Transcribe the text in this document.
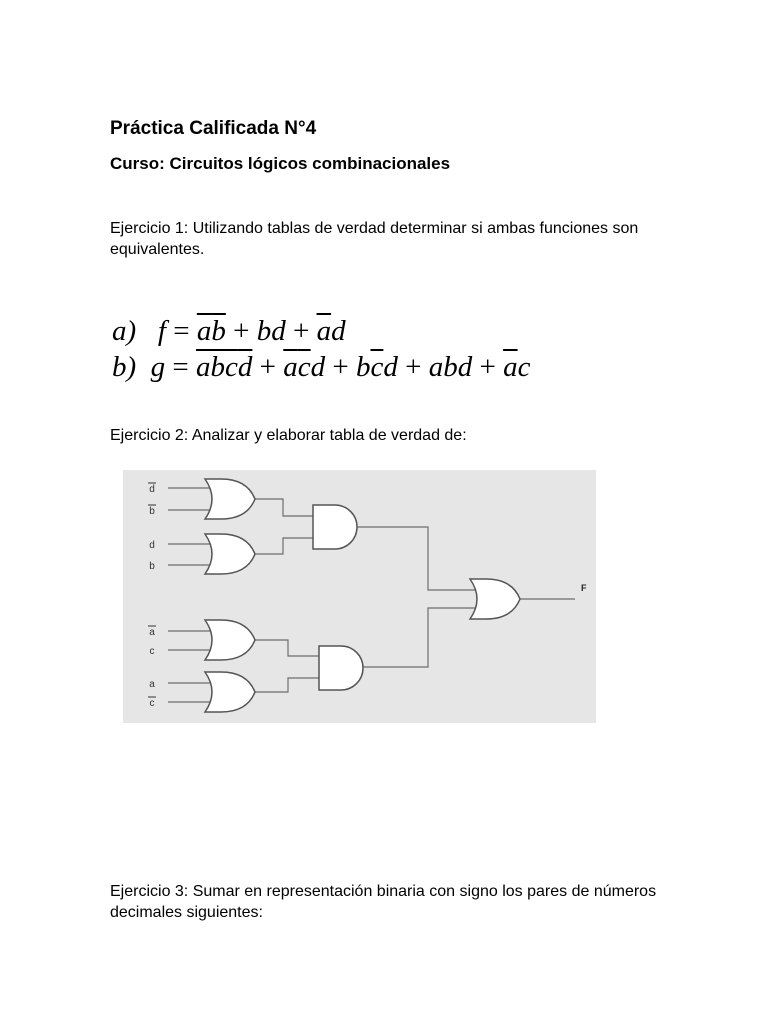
Práctica Calificada N°4
Curso: Circuitos lógicos combinacionales

Ejercicio 1: Utilizando tablas de verdad determinar si ambas funciones son equivalentes.

a) $f = \overline{a}\overline{b}$ + bd + $\overline{a}d$
b) $g = \overline{a}\overline{b}\overline{c}\overline{d} + \overline{a}\overline{c}d + b\overline{c}d$ + abd + $\overline{a}c$

Ejercicio 2: Analizar y elaborar tabla de verdad de:

d
b
d
b
a
c
a
c
F

Ejercicio 3: Sumar en representación binaria con signo los pares de números decimales siguientes:
